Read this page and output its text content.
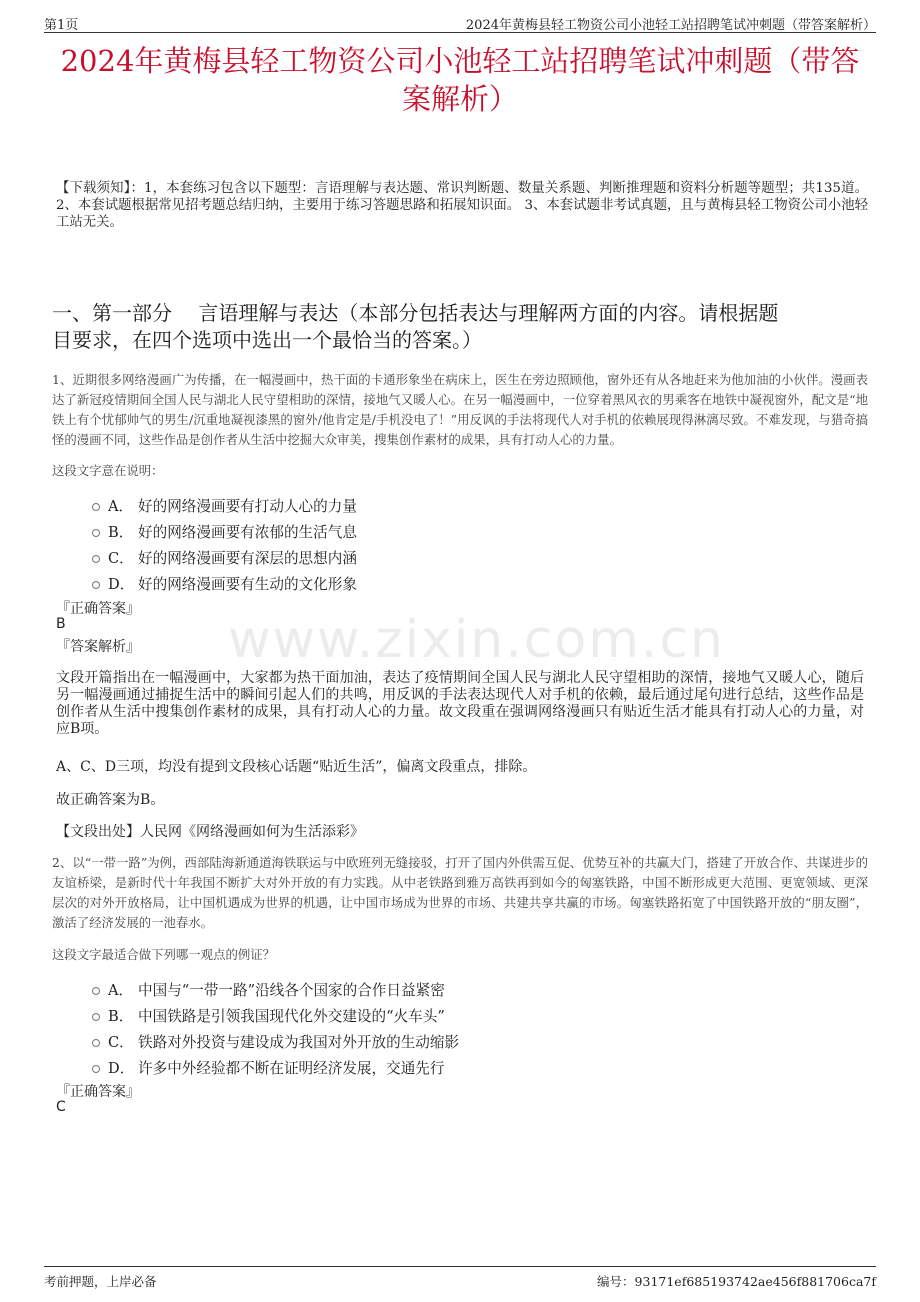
第1页	2024年黄梅县轻工物资公司小池轻工站招聘笔试冲刺题（带答案解析）
2024年黄梅县轻工物资公司小池轻工站招聘笔试冲刺题（带答
案解析）
【下载须知】：1，本套练习包含以下题型：言语理解与表达题、常识判断题、数量关系题、判断推理题和资料分析题等题型；共135道。 2、本套试题根据常见招考题总结归纳，主要用于练习答题思路和拓展知识面。 3、本套试题非考试真题，且与黄梅县轻工物资公司小池轻工站无关。
一、第一部分　 言语理解与表达（本部分包括表达与理解两方面的内容。请根据题
目要求，在四个选项中选出一个最恰当的答案。）
www.zixin.com.cn
1、近期很多网络漫画广为传播，在一幅漫画中，热干面的卡通形象坐在病床上，医生在旁边照顾他，窗外还有从各地赶来为他加油的小伙伴。漫画表达了新冠疫情期间全国人民与湖北人民守望相助的深情，接地气又暖人心。在另一幅漫画中，一位穿着黑风衣的男乘客在地铁中凝视窗外，配文是“地铁上有个忧郁帅气的男生/沉重地凝视漆黑的窗外/他肯定是/手机没电了！”用反讽的手法将现代人对手机的依赖展现得淋漓尽致。不难发现，与猎奇搞怪的漫画不同，这些作品是创作者从生活中挖掘大众审美，搜集创作素材的成果，具有打动人心的力量。
这段文字意在说明：
A． 好的网络漫画要有打动人心的力量
B． 好的网络漫画要有浓郁的生活气息
C． 好的网络漫画要有深层的思想内涵
D． 好的网络漫画要有生动的文化形象
『正确答案』
B
『答案解析』
文段开篇指出在一幅漫画中，大家都为热干面加油，表达了疫情期间全国人民与湖北人民守望相助的深情，接地气又暖人心，随后另一幅漫画通过捕捉生活中的瞬间引起人们的共鸣，用反讽的手法表达现代人对手机的依赖，最后通过尾句进行总结，这些作品是创作者从生活中搜集创作素材的成果，具有打动人心的力量。故文段重在强调网络漫画只有贴近生活才能具有打动人心的力量，对应B项。
A、C、D三项，均没有提到文段核心话题“贴近生活”，偏离文段重点，排除。
故正确答案为B。
【文段出处】人民网《网络漫画如何为生活添彩》
2、以“一带一路”为例，西部陆海新通道海铁联运与中欧班列无缝接驳，打开了国内外供需互促、优势互补的共赢大门，搭建了开放合作、共谋进步的友谊桥梁，是新时代十年我国不断扩大对外开放的有力实践。从中老铁路到雅万高铁再到如今的匈塞铁路，中国不断形成更大范围、更宽领域、更深层次的对外开放格局，让中国机遇成为世界的机遇，让中国市场成为世界的市场、共建共享共赢的市场。匈塞铁路拓宽了中国铁路开放的“朋友圈”，激活了经济发展的一池春水。
这段文字最适合做下列哪一观点的例证？
A． 中国与“一带一路”沿线各个国家的合作日益紧密
B． 中国铁路是引领我国现代化外交建设的“火车头”
C． 铁路对外投资与建设成为我国对外开放的生动缩影
D． 许多中外经验都不断在证明经济发展，交通先行
『正确答案』
C
考前押题，上岸必备	编号：93171ef685193742ae456f881706ca7f
